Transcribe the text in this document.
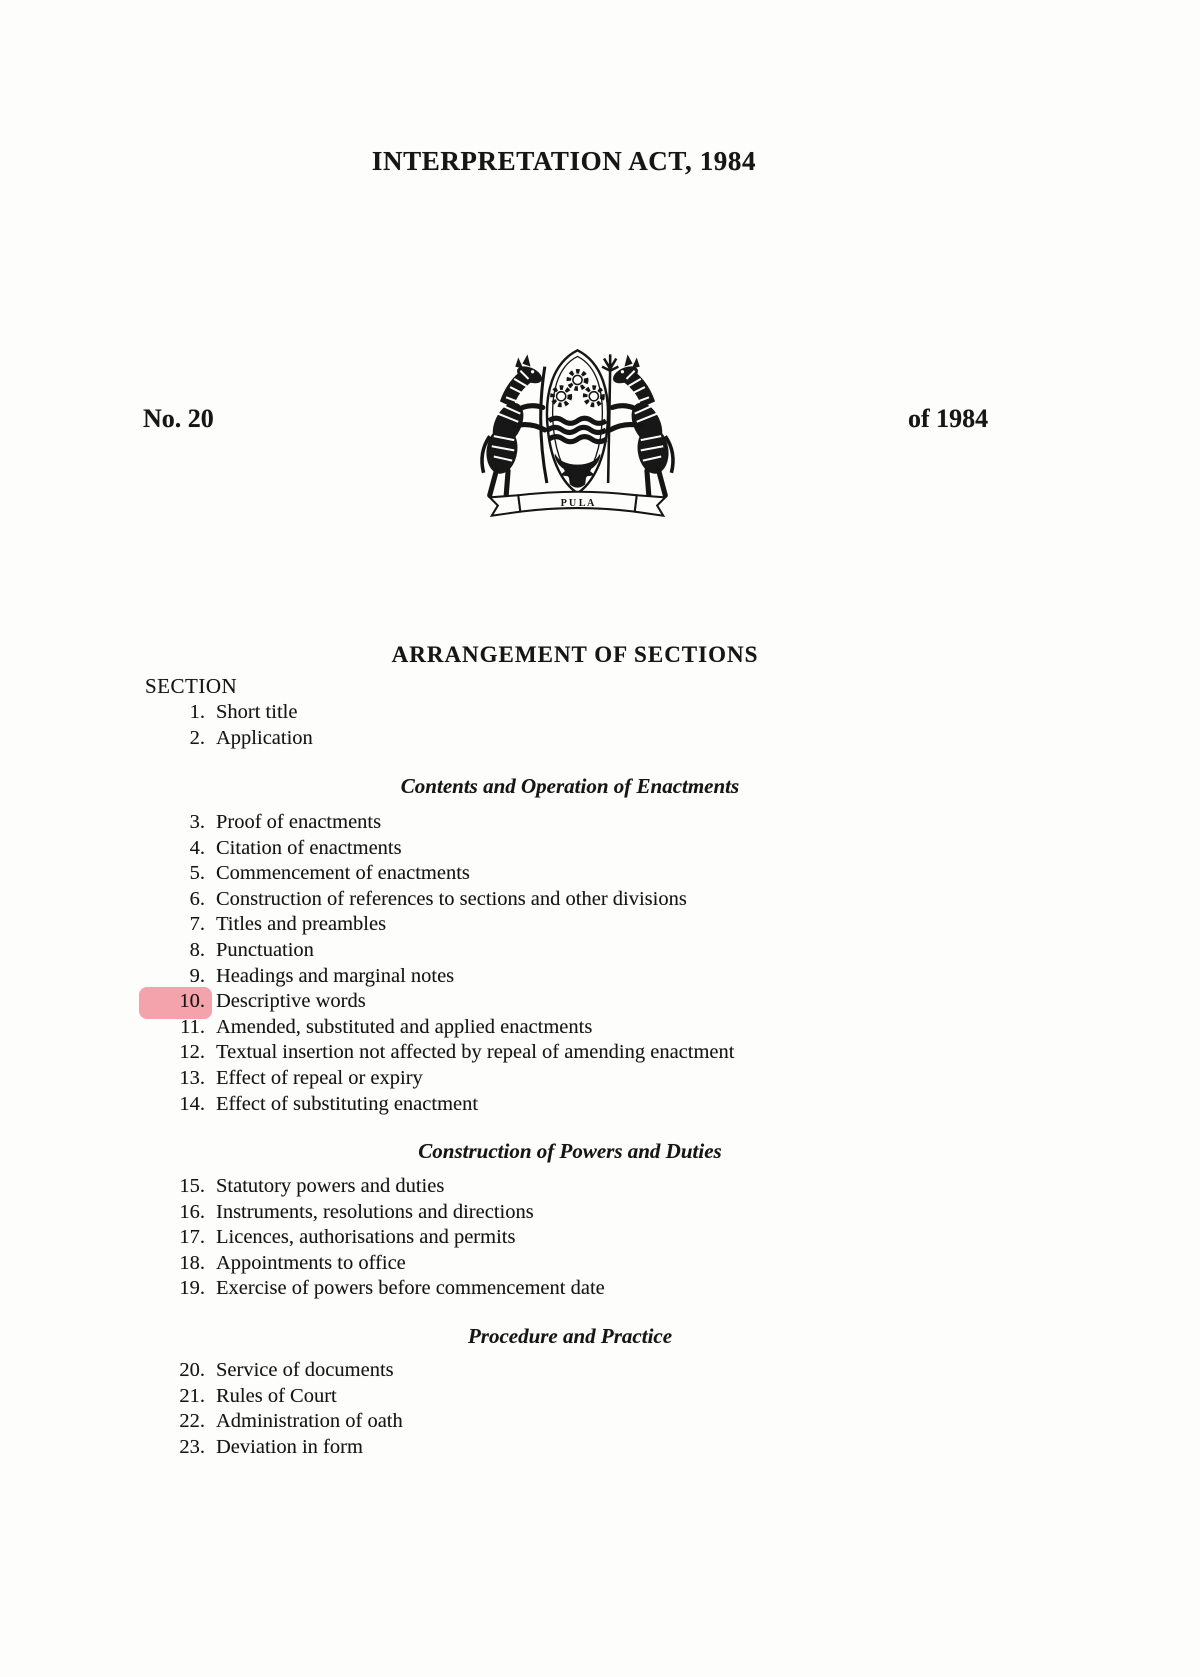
INTERPRETATION ACT, 1984
No. 20	of 1984
P U L A
ARRANGEMENT OF SECTIONS
SECTION
1. Short title
2. Application
Contents and Operation of Enactments
3. Proof of enactments
4. Citation of enactments
5. Commencement of enactments
6. Construction of references to sections and other divisions
7. Titles and preambles
8. Punctuation
9. Headings and marginal notes
10. Descriptive words
11. Amended, substituted and applied enactments
12. Textual insertion not affected by repeal of amending enactment
13. Effect of repeal or expiry
14. Effect of substituting enactment
Construction of Powers and Duties
15. Statutory powers and duties
16. Instruments, resolutions and directions
17. Licences, authorisations and permits
18. Appointments to office
19. Exercise of powers before commencement date
Procedure and Practice
20. Service of documents
21. Rules of Court
22. Administration of oath
23. Deviation in form
